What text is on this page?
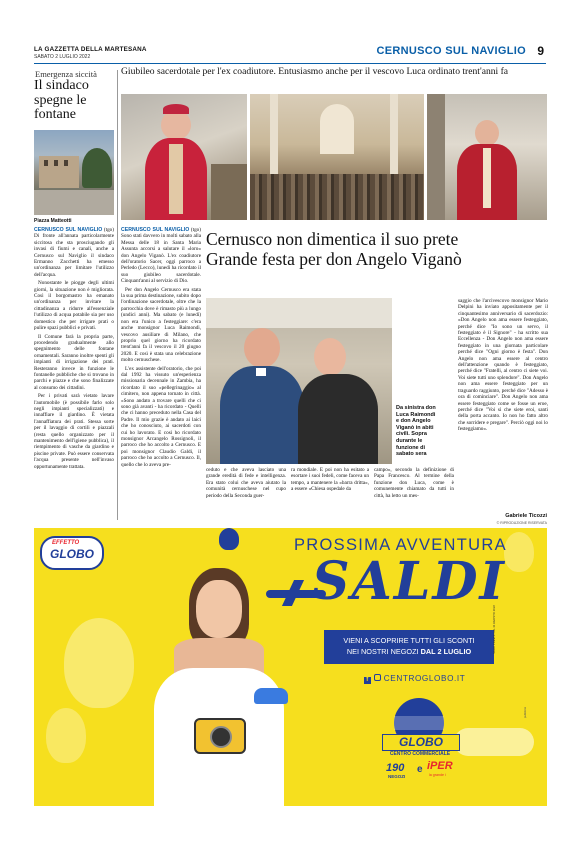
LA GAZZETTA DELLA MARTESANA
SABATO 2 LUGLIO 2022	CERNUSCO SUL NAVIGLIO 9
Emergenza siccità
Il sindaco spegne le fontane
Piazza Matteotti

CERNUSCO SUL NAVIGLIO (tgo) Di fronte all'annata particolarmente siccitosa che sta prosciugando gli invasi di fiumi e canali, anche a Cernusco sul Naviglio il sindaco Ermanno Zacchetti ha emesso un'ordinanza per limitare l'utilizzo dell'acqua.

Nonostante le piogge degli ultimi giorni, la situazione non è migliorata. Così il borgomastro ha emanato un'ordinanza per invitare la cittadinanza a ridurre all'essenziale l'utilizzo di acqua potabile sia per uso domestico che per irrigare prati o pulire spazi pubblici e privati.

Il Comune farà la propria parte, procedendo gradualmente allo spegnimento delle fontane ornamentali. Saranno inoltre spenti gli impianti di irrigazione dei prati. Resteranno invece in funzione le fontanelle pubbliche che si trovano in parchi e piazze e che sono finalizzate al consumo dei cittadini.

Per i privati sarà vietato lavare l'automobile (è possibile farlo solo negli impianti specializzati) e innaffiare il giardino. È vietata l'annaffiatura dei prati. Stessa sorte per il lavaggio di cortili e piazzali (resta quello organizzato per il mantenimento dell'igiene pubblica), il riempimento di vasche da giardino e piscine private. Può essere conservata l'acqua presente nell'invaso opportunamente trattata.

Giubileo sacerdotale per l'ex coadiutore. Entusiasmo anche per il vescovo Luca ordinato trent'anni fa

CERNUSCO SUL NAVIGLIO (tgo) Sono stati davvero in molti sabato alla Messa delle 18 in Santa Maria Assunta accorsi a salutare il «loro» don Angelo Viganò. L'ex coadiutore dell'oratorio Sacer, oggi parroco a Perledo (Lecco), lunedì ha ricordato il suo giubileo sacerdotale. Cinquant'anni al servizio di Dio.

Per don Angelo Cernusco era stata la sua prima destinazione, subito dopo l'ordinazione sacerdotale, oltre che la parrocchia dove è rimasto più a lungo (undici anni). Ma sabato (e lunedì) non era l'unico a festeggiare: c'era anche monsignor Luca Raimondi, vescovo ausiliare di Milano, che proprio quel giorno ha ricordato trent'anni fa il vescovo il 20 giugno 2020. E così è stata una celebrazione molto cernuschese.

L'ex assistente dell'oratorio, che poi dal 1992 ha vissuto un'esperienza missionaria decennale in Zambia, ha ricordato il suo «pellegrinaggio» al cimitero, non appena tornato in città. «Sono andato a trovare quelli che ci sono già avanti - ha ricordato - Quelli che ci hanno preceduto nella Casa del Padre. Il mio grazie è andato ai laici che ho conosciuto, ai sacerdoti con cui ho lavorato. E così ho ricordato monsignor Arcangelo Rossignoli, il parroco che ho accolto a Cernusco. E poi monsignor Claudio Galdi, il parroco che ho accolto a Cernusco. Il, quello che lo aveva pre-

Cernusco non dimentica il suo prete
Grande festa per don Angelo Viganò
Da sinistra don Luca Raimondi e don Angelo Viganò in abiti civili. Sopra durante le funzione di sabato sera
ceduto e che aveva lasciato una grande eredità di fede e intelligenza. Era stato colui che aveva aiutato la comunità cernuschese nel cupo periodo della Seconda guer-
ra mondiale. E poi non ha esitato a esortare i suoi fedeli, come faceva un tempo, a mantenere la «barra dritta», a essere «Chiesa ospedale da
campo», secondo la definizione di Papa Francesco. Al termine della funzione don Luca, come è comunemente chiamato da tutti in città, ha letto un mes-

saggio che l'arcivescovo monsignor Mario Delpini ha inviato appositamente per il cinquantesimo anniversario di sacerdozio: «Don Angelo non ama essere festeggiato, perché dice "Io sono un servo, il festeggiato è il Signore" - ha scritto sua Eccellenza - Don Angelo non ama essere festeggiato in una giornata particolare perché dice "Ogni giorno è festa". Don Angelo non ama essere al centro dell'attenzione quando è festeggiato, perché dice "Fratelli, al centro ci siete voi. Voi siete tutti uno splendore". Don Angelo non ama essere festeggiato per un traguardo raggiunto, perché dice "Adesso è ora di cominciare". Don Angelo non ama essere festeggiato come se fosse un eroe, perché dice "Voi sì che siete eroi, santi della porta accanto. Io non ho fatto altro che sorridere e pregare". Perciò oggi noi lo festeggiamo».

Gabriele Ticozzi
© RIPRODUZIONE RISERVATA
EFFETTO
GLOBO	PROSSIMA AVVENTURA
SALDI
VIENI A SCOPRIRE TUTTI GLI SCONTI
NEI NOSTRI NEGOZI DAL 2 LUGLIO	SALDI PREVISTI AL 31 AGOSTO 2022
f CENTROGLOBO.IT
GLOBO
CENTRO COMMERCIALE
190
NEGOZI
e iPER
la grande i
pubblicità
